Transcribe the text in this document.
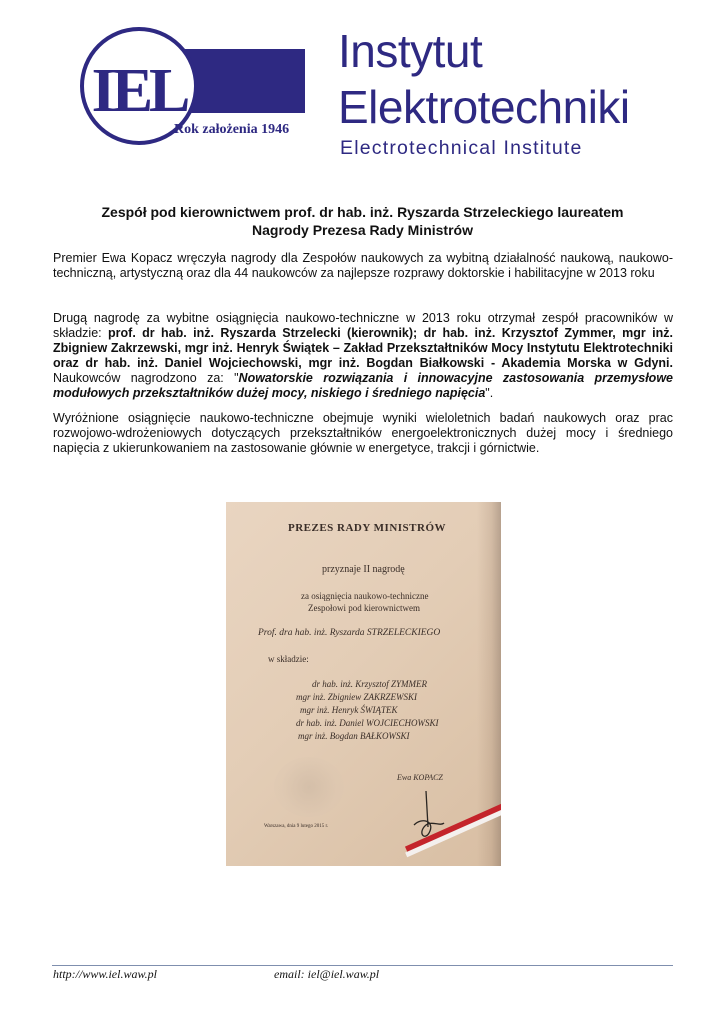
IEL
Rok założenia 1946
Instytut
Elektrotechniki
Electrotechnical Institute
Zespół pod kierownictwem prof. dr hab. inż. Ryszarda Strzeleckiego laureatem
Nagrody Prezesa Rady Ministrów
Premier Ewa Kopacz wręczyła nagrody dla Zespołów naukowych za wybitną działalność naukową, naukowo-techniczną, artystyczną oraz dla 44 naukowców za najlepsze rozprawy doktorskie i habilitacyjne w 2013 roku
Drugą nagrodę za wybitne osiągnięcia naukowo-techniczne w 2013 roku otrzymał zespół pracowników w składzie: prof. dr hab. inż. Ryszarda Strzelecki (kierownik); dr hab. inż. Krzysztof Zymmer, mgr inż. Zbigniew Zakrzewski, mgr inż. Henryk Świątek – Zakład Przekształtników Mocy Instytutu Elektrotechniki oraz dr hab. inż. Daniel Wojciechowski, mgr inż. Bogdan Białkowski - Akademia Morska w Gdyni. Naukowców nagrodzono za: "Nowatorskie rozwiązania i innowacyjne zastosowania przemysłowe modułowych przekształtników dużej mocy, niskiego i średniego napięcia".
Wyróżnione osiągnięcie naukowo-techniczne obejmuje wyniki wieloletnich badań naukowych oraz prac rozwojowo-wdrożeniowych dotyczących przekształtników energoelektronicznych dużej mocy i średniego napięcia z ukierunkowaniem na zastosowanie głównie w energetyce, trakcji i górnictwie.
PREZES RADY MINISTRÓW
przyznaje II nagrodę
za osiągnięcia naukowo-techniczne
Zespołowi pod kierownictwem
Prof. dra hab. inż. Ryszarda STRZELECKIEGO
w składzie:
dr hab. inż. Krzysztof ZYMMER
mgr inż. Zbigniew ZAKRZEWSKI
mgr inż. Henryk ŚWIĄTEK
dr hab. inż. Daniel WOJCIECHOWSKI
mgr inż. Bogdan BAŁKOWSKI
Ewa KOPACZ
Warszawa, dnia 9 lutego 2015 r.
http://www.iel.waw.pl	email: iel@iel.waw.pl
